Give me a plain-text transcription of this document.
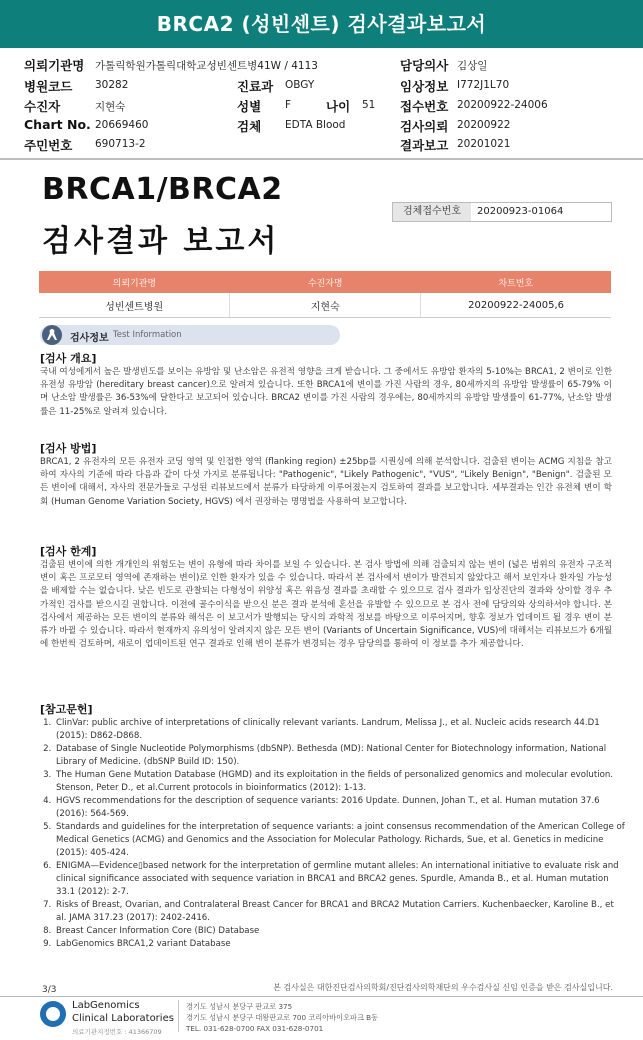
BRCA2 (성빈센트) 검사결과보고서
의뢰기관명 가톨릭학원가톨릭대학교성빈센트병41W / 4113	담당의사 김상일
병원코드 30282	진료과 OBGY	임상정보 I772J1L70
수진자	지현숙	성별 F	나이 51 접수번호 20200922-24006
Chart No. 20669460	검체 EDTA Blood	검사의뢰 20200922
주민번호 690713-2	결과보고 20201021
BRCA1/BRCA2
검사결과 보고서
검체접수번호	20200923-01064
의뢰기관명	수진자명	차트번호
성빈센트병원	지현숙	20200922-24005,6
검사정보 Test Information
[검사 개요]
국내 여성에게서 높은 발생빈도를 보이는 유방암 및 난소암은 유전적 영향을 크게 받습니다. 그 중에서도 유방암 환자의 5-10%는 BRCA1, 2 변이로 인한 유전성 유방암 (hereditary breast cancer)으로 알려져 있습니다. 또한 BRCA1에 변이를 가진 사람의 경우, 80세까지의 유방암 발생률이 65-79% 이며 난소암 발생률은 36-53%에 달한다고 보고되어 있습니다. BRCA2 변이를 가진 사람의 경우에는, 80세까지의 유방암 발생률이 61-77%, 난소암 발생률은 11-25%로 알려져 있습니다.
[검사 방법]
BRCA1, 2 유전자의 모든 유전자 코딩 영역 및 인접한 영역 (flanking region) ±25bp를 시퀀싱에 의해 분석합니다. 검출된 변이는 ACMG 지침을 참고하여 자사의 기준에 따라 다음과 같이 다섯 가지로 분류됩니다: "Pathogenic", "Likely Pathogenic", "VUS", "Likely Benign", "Benign". 검출된 모든 변이에 대해서, 자사의 전문가들로 구성된 리뷰보드에서 분류가 타당하게 이루어졌는지 검토하여 결과를 보고합니다. 세부결과는 인간 유전체 변이 학회 (Human Genome Variation Society, HGVS) 에서 권장하는 명명법을 사용하여 보고합니다.
[검사 한계]
검출된 변이에 의한 개개인의 위험도는 변이 유형에 따라 차이를 보일 수 있습니다. 본 검사 방법에 의해 검출되지 않는 변이 (넓은 범위의 유전자 구조적 변이 혹은 프로모터 영역에 존재하는 변이)로 인한 환자가 있을 수 있습니다. 따라서 본 검사에서 변이가 발견되지 않았다고 해서 보인자나 환자일 가능성을 배제할 수는 없습니다. 낮은 빈도로 관찰되는 다형성이 위양성 혹은 위음성 결과를 초래할 수 있으므로 검사 결과가 임상진단의 결과와 상이할 경우 추가적인 검사를 받으시길 권합니다. 이전에 골수이식을 받으신 분은 결과 분석에 혼선을 유발할 수 있으므로 본 검사 전에 담당의와 상의하셔야 합니다. 본 검사에서 제공하는 모든 변이의 분류와 해석은 이 보고서가 발행되는 당시의 과학적 정보를 바탕으로 이루어지며, 향후 정보가 업데이트 될 경우 변이 분류가 바뀔 수 있습니다. 따라서 현재까지 유의성이 알려지지 않은 모든 변이 (Variants of Uncertain Significance, VUS)에 대해서는 리뷰보드가 6개월에 한번씩 검토하며, 새로이 업데이트된 연구 결과로 인해 변이 분류가 변경되는 경우 담당의를 통하여 이 정보를 추가 제공합니다.
[참고문헌]
1. ClinVar: public archive of interpretations of clinically relevant variants. Landrum, Melissa J., et al. Nucleic acids research 44.D1 (2015): D862-D868.
2. Database of Single Nucleotide Polymorphisms (dbSNP). Bethesda (MD): National Center for Biotechnology information, National Library of Medicine. (dbSNP Build ID: 150).
3. The Human Gene Mutation Database (HGMD) and its exploitation in the fields of personalized genomics and molecular evolution. Stenson, Peter D., et al.Current protocols in bioinformatics (2012): 1-13.
4. HGVS recommendations for the description of sequence variants: 2016 Update. Dunnen, Johan T., et al. Human mutation 37.6 (2016): 564-569.
5. Standards and guidelines for the interpretation of sequence variants: a joint consensus recommendation of the American College of Medical Genetics (ACMG) and Genomics and the Association for Molecular Pathology. Richards, Sue, et al. Genetics in medicine (2015): 405-424.
6. ENIGMA—Evidence▯based network for the interpretation of germline mutant alleles: An international initiative to evaluate risk and clinical significance associated with sequence variation in BRCA1 and BRCA2 genes. Spurdle, Amanda B., et al. Human mutation 33.1 (2012): 2-7.
7. Risks of Breast, Ovarian, and Contralateral Breast Cancer for BRCA1 and BRCA2 Mutation Carriers. Kuchenbaecker, Karoline B., et al. JAMA 317.23 (2017): 2402-2416.
8. Breast Cancer Information Core (BIC) Database
9. LabGenomics BRCA1,2 variant Database
3/3	본 검사실은 대한진단검사의학회/진단검사의학재단의 우수검사실 신임 인증을 받은 검사실입니다.
LabGenomics
Clinical Laboratories
의료기관지정번호 : 41366709
경기도 성남시 분당구 판교로 375
경기도 성남시 분당구 대왕판교로 700 코리아바이오파크 B동
TEL. 031-628-0700 FAX 031-628-0701
